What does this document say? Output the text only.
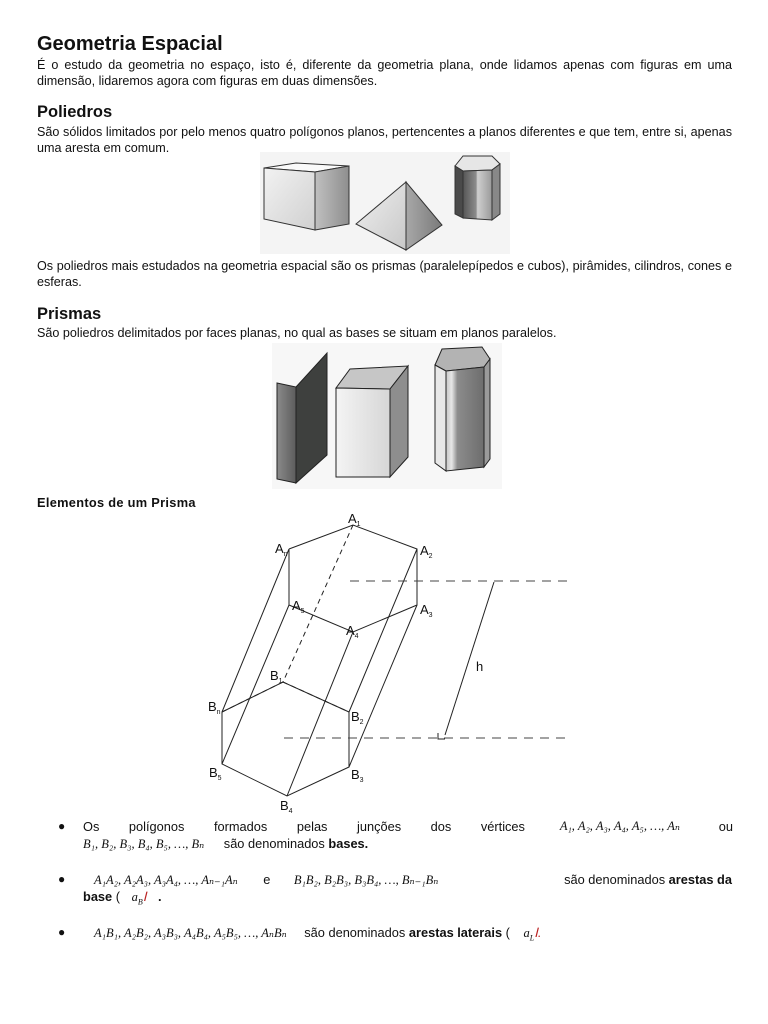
Geometria Espacial

É o estudo da geometria no espaço, isto é, diferente da geometria plana, onde lidamos apenas com figuras em uma dimensão, lidaremos agora com figuras em duas dimensões.

Poliedros

São sólidos limitados por pelo menos quatro polígonos planos, pertencentes a planos diferentes e que tem, entre si, apenas uma aresta em comum.

Os poliedros mais estudados na geometria espacial são os prismas (paralelepípedos e cubos), pirâmides, cilindros, cones e esferas.

Prismas

São poliedros delimitados por faces planas, no qual as bases se situam em planos paralelos.

Elementos de um Prisma
$A_1$
$A_2$
$A_3$
$A_4$
$A_5$
$A_n$
$B_1$
$B_2$
$B_3$
$B_4$
$B_5$
$B_n$
h
● Os polígonos formados pelas junções dos vértices	A₁, A₂, A₃, A₄, A₅, …, Aₙ	ou
B₁, B₂, B₃, B₄, B₅, …, Bₙ são denominados bases.
● A₁A₂, A₂A₃, A₃A₄, …, Aₙ₋₁Aₙ e B₁B₂, B₂B₃, B₃B₄, …, Bₙ₋₁Bₙ	são denominados arestas da
base ( $a_BⅠ$ .
● A₁B₁, A₂B₂, A₃B₃, A₄B₄, A₅B₅, …, AₙBₙ são denominados arestas laterais ( $a_LⅠ$.
